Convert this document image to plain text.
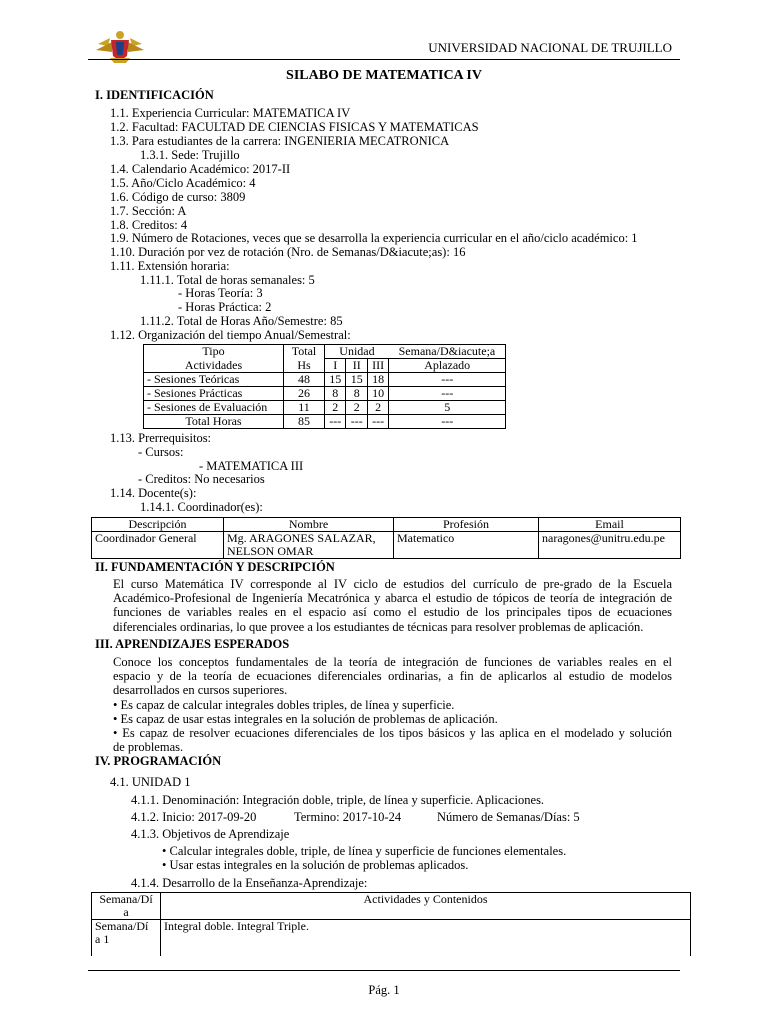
UNIVERSIDAD NACIONAL DE TRUJILLO
SILABO DE MATEMATICA IV
I. IDENTIFICACIÓN
1.1. Experiencia Curricular: MATEMATICA IV
1.2. Facultad: FACULTAD DE CIENCIAS FISICAS Y MATEMATICAS
1.3. Para estudiantes de la carrera: INGENIERIA MECATRONICA
1.3.1. Sede: Trujillo
1.4. Calendario Académico: 2017-II
1.5. Año/Ciclo Académico: 4
1.6. Código de curso: 3809
1.7. Sección: A
1.8. Creditos: 4
1.9. Número de Rotaciones, veces que se desarrolla la experiencia curricular en el año/ciclo académico: 1
1.10. Duración por vez de rotación (Nro. de Semanas/D&iacute;as): 16
1.11. Extensión horaria:
1.11.1. Total de horas semanales: 5
- Horas Teoría: 3
- Horas Práctica: 2
1.11.2. Total de Horas Año/Semestre: 85
1.12. Organización del tiempo Anual/Semestral:
Tipo	Total	Unidad			Semana/D&iacute;a
Actividades	Hs	I	II	III	Aplazado
- Sesiones Teóricas	48	15	15	18	---
- Sesiones Prácticas	26	8	8	10	---
- Sesiones de Evaluación	11	2	2	2	5
Total Horas	85	---	---	---	---
1.13. Prerrequisitos:
- Cursos:
- MATEMATICA III
- Creditos: No necesarios
1.14. Docente(s):
1.14.1. Coordinador(es):
Descripción	Nombre	Profesión	Email
Coordinador General	Mg. ARAGONES SALAZAR,
NELSON OMAR	Matematico	naragones@unitru.edu.pe
II. FUNDAMENTACIÓN Y DESCRIPCIÓN
El curso Matemática IV corresponde al IV ciclo de estudios del currículo de pre-grado de la Escuela
Académico-Profesional de Ingeniería Mecatrónica y abarca el estudio de tópicos de teoría de integración de
funciones de variables reales en el espacio así como el estudio de los principales tipos de ecuaciones
diferenciales ordinarias, lo que provee a los estudiantes de técnicas para resolver problemas de aplicación.
III. APRENDIZAJES ESPERADOS
Conoce los conceptos fundamentales de la teoría de integración de funciones de variables reales en el
espacio y de la teoría de ecuaciones diferenciales ordinarias, a fin de aplicarlos al estudio de modelos
desarrollados en cursos superiores.
• Es capaz de calcular integrales dobles triples, de línea y superficie.
• Es capaz de usar estas integrales en la solución de problemas de aplicación.
• Es capaz de resolver ecuaciones diferenciales de los tipos básicos y las aplica en el modelado y solución
de problemas.
IV. PROGRAMACIÓN
4.1. UNIDAD 1
4.1.1. Denominación: Integración doble, triple, de línea y superficie. Aplicaciones.
4.1.2. Inicio: 2017-09-20	Termino: 2017-10-24	Número de Semanas/Días: 5
4.1.3. Objetivos de Aprendizaje
• Calcular integrales doble, triple, de línea y superficie de funciones elementales.
• Usar estas integrales en la solución de problemas aplicados.
4.1.4. Desarrollo de la Enseñanza-Aprendizaje:
Semana/Dí
a	Actividades y Contenidos

Semana/Dí
a 1	Integral doble. Integral Triple.
Pág. 1
